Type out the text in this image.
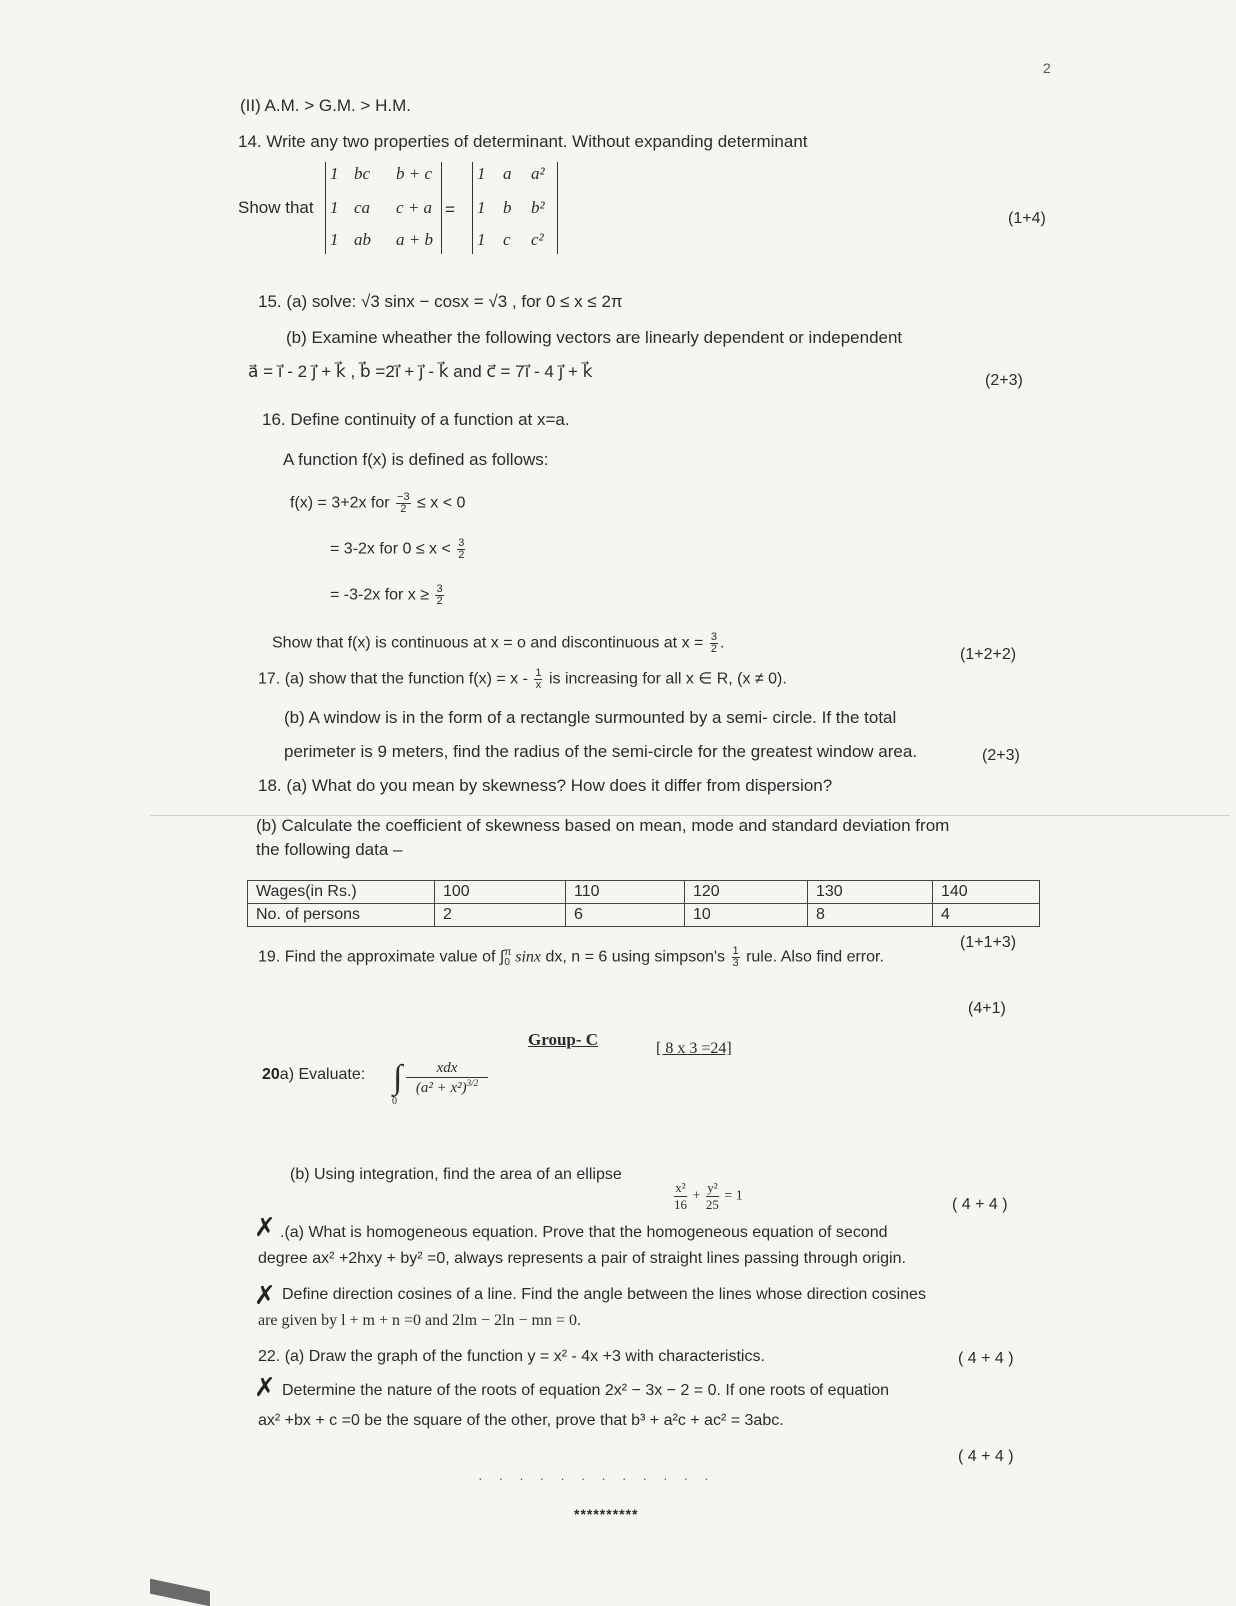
2
(II) A.M. > G.M. > H.M.
14. Write any two properties of determinant. Without expanding determinant
Show that
1 bc b + c
1 ca c + a
1 ab a + b
=
1 a a²
1 b b²
1 c c²
(1+4)
15. (a) solve: √3 sinx − cosx = √3 , for 0 ≤ x ≤ 2π
(b) Examine wheather the following vectors are linearly dependent or independent
a⃗ = i⃗ - 2 j⃗ + k⃗ , b⃗ =2i⃗ + j⃗ - k⃗ and c⃗ = 7i⃗ - 4 j⃗ + k⃗	(2+3)
16. Define continuity of a function at x=a.
A function f(x) is defined as follows:
f(x) = 3+2x for $\frac{-3}{2} \le x < 0$
= 3-2x for $0 \le x < \frac{3}{2}$
= -3-2x for $x \ge \frac{3}{2}$
Show that f(x) is continuous at x = o and discontinuous at $x = \frac{3}{2}$ .
(1+2+2)
17. (a) show that the function $f(x) = x - \frac{1}{x}$ is increasing for all x ∈ R, (x ≠ 0).
(b) A window is in the form of a rectangle surmounted by a semi- circle. If the total
perimeter is 9 meters, find the radius of the semi-circle for the greatest window area.	(2+3)
18. (a) What do you mean by skewness? How does it differ from dispersion?
(b) Calculate the coefficient of skewness based on mean, mode and standard deviation from
the following data –
Wages(in Rs.)	100	110	120	130	140
No. of persons	2	6	10	8	4
(1+1+3)
19. Find the approximate value of ∫ π
0 sinx dx, n = 6 using simpson's $\frac{1}{3}$ rule. Also find error.
(4+1)
Group- C	[ 8 x 3 =24]
20a) Evaluate: ∫
0
xdx
$(a^2 + x^2)^{3/2}$
(b) Using integration, find the area of an ellipse
$\frac{\text{x²}}{16} + \frac{\text{y²}}{25} = 1$	( 4 + 4 )
✗ .(a) What is homogeneous equation. Prove that the homogeneous equation of second
degree ax² +2hxy + by² =0, always represents a pair of straight lines passing through origin.
✗ Define direction cosines of a line. Find the angle between the lines whose direction cosines
are given by l + m + n =0 and 2lm − 2ln − mn = 0.
( 4 + 4 )
22. (a) Draw the graph of the function y = x² - 4x +3 with characteristics.
✗ Determine the nature of the roots of equation 2x² − 3x − 2 = 0. If one roots of equation
ax² +bx + c =0 be the square of the other, prove that b³ + a²c + ac² = 3abc.
( 4 + 4 )
· · · · · · · · · · · ·
**********
